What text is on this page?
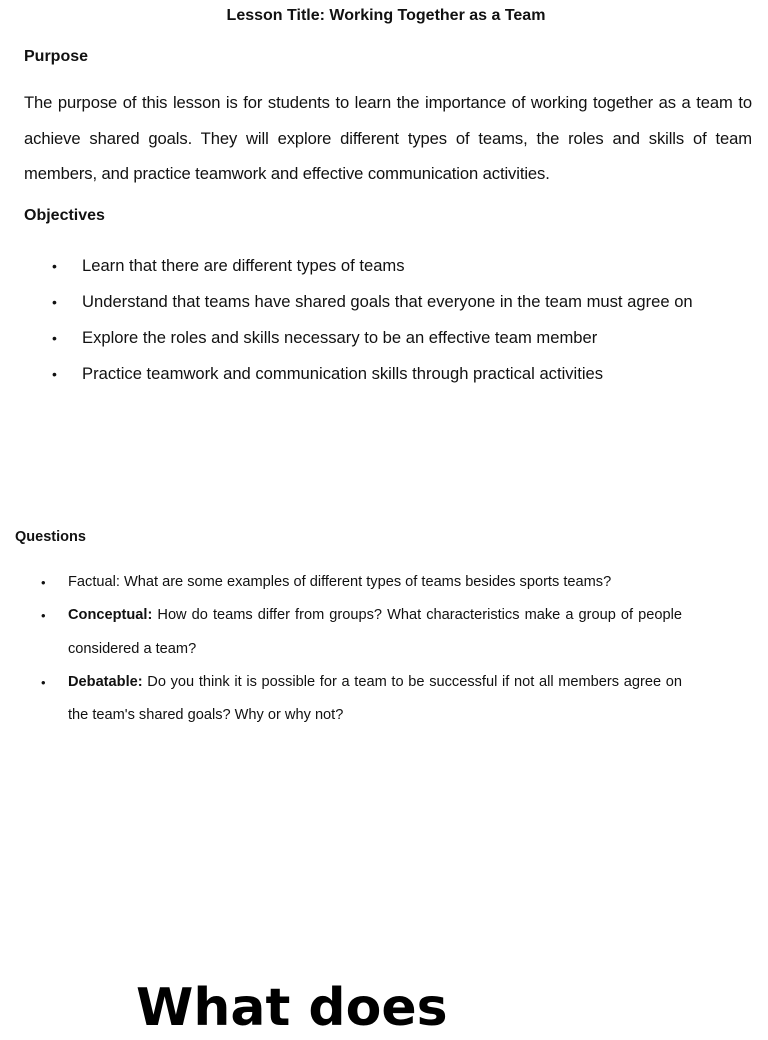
Lesson Title: Working Together as a Team
Purpose
The purpose of this lesson is for students to learn the importance of working together as a team to achieve shared goals. They will explore different types of teams, the roles and skills of team members, and practice teamwork and effective communication activities.
Objectives
• Learn that there are different types of teams
• Understand that teams have shared goals that everyone in the team must agree on
• Explore the roles and skills necessary to be an effective team member
• Practice teamwork and communication skills through practical activities
Questions
• Factual: What are some examples of different types of teams besides sports teams?
• Conceptual: How do teams differ from groups? What characteristics make a group of people considered a team?
• Debatable: Do you think it is possible for a team to be successful if not all members agree on the team's shared goals? Why or why not?
What does
